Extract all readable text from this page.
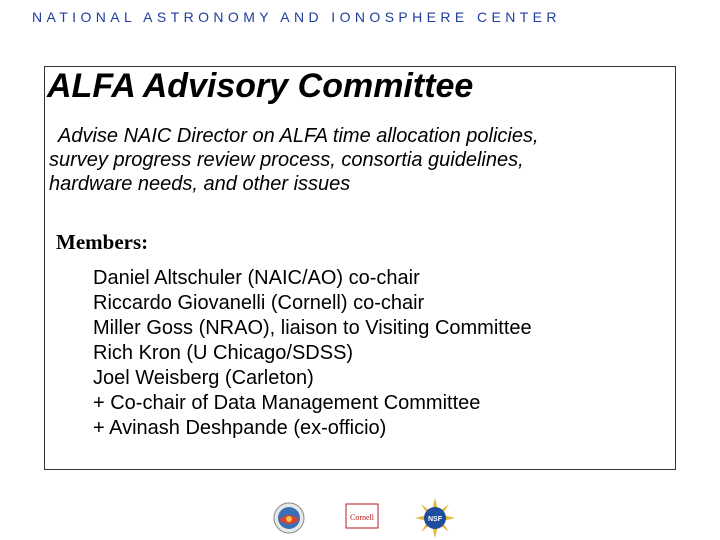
NATIONAL ASTRONOMY AND IONOSPHERE CENTER
ALFA Advisory Committee
Advise NAIC Director on ALFA time allocation policies,
survey progress review process, consortia guidelines,
hardware needs, and other issues
Members:
Daniel Altschuler (NAIC/AO) co-chair
Riccardo Giovanelli (Cornell) co-chair
Miller Goss (NRAO), liaison to Visiting Committee
Rich Kron (U Chicago/SDSS)
Joel Weisberg (Carleton)
+ Co-chair of Data Management Committee
+ Avinash Deshpande (ex-officio)
Cornell	NSF
